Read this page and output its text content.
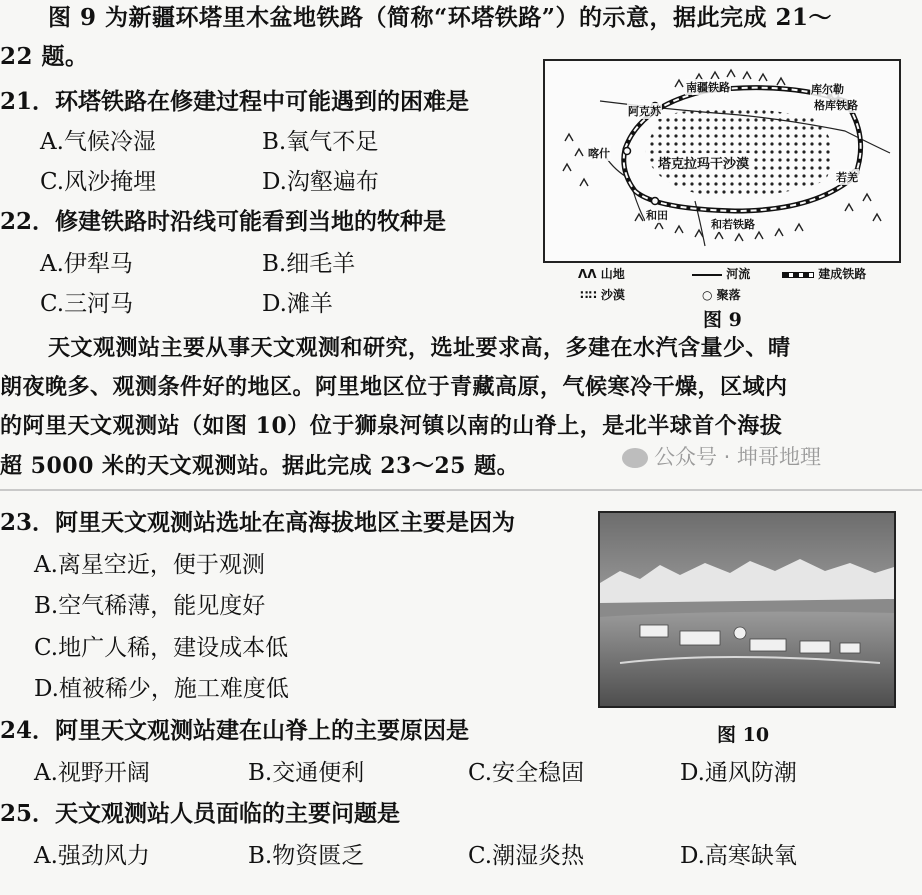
图 9 为新疆环塔里木盆地铁路（简称“环塔铁路”）的示意，据此完成 21～
22 题。
21．环塔铁路在修建过程中可能遇到的困难是
A.气候冷湿	B.氧气不足
C.风沙掩埋	D.沟壑遍布
22．修建铁路时沿线可能看到当地的牧种是
A.伊犁马	B.细毛羊
C.三河马	D.滩羊
南疆铁路
阿克苏
库尔勒
格库铁路
喀什
塔克拉玛干沙漠
若羌
和田
和若铁路
ᐱᐱ 山地	河流	建成铁路
∷∷ 沙漠	○ 聚落
图 9
天文观测站主要从事天文观测和研究，选址要求高，多建在水汽含量少、晴
朗夜晚多、观测条件好的地区。阿里地区位于青藏高原，气候寒冷干燥，区域内
的阿里天文观测站（如图 10）位于狮泉河镇以南的山脊上，是北半球首个海拔
超 5000 米的天文观测站。据此完成 23～25 题。	公众号 · 坤哥地理
23．阿里天文观测站选址在高海拔地区主要是因为
A.离星空近，便于观测
B.空气稀薄，能见度好
C.地广人稀，建设成本低
D.植被稀少，施工难度低
图 10
24．阿里天文观测站建在山脊上的主要原因是
A.视野开阔	B.交通便利	C.安全稳固	D.通风防潮
25．天文观测站人员面临的主要问题是
A.强劲风力	B.物资匮乏	C.潮湿炎热	D.高寒缺氧
